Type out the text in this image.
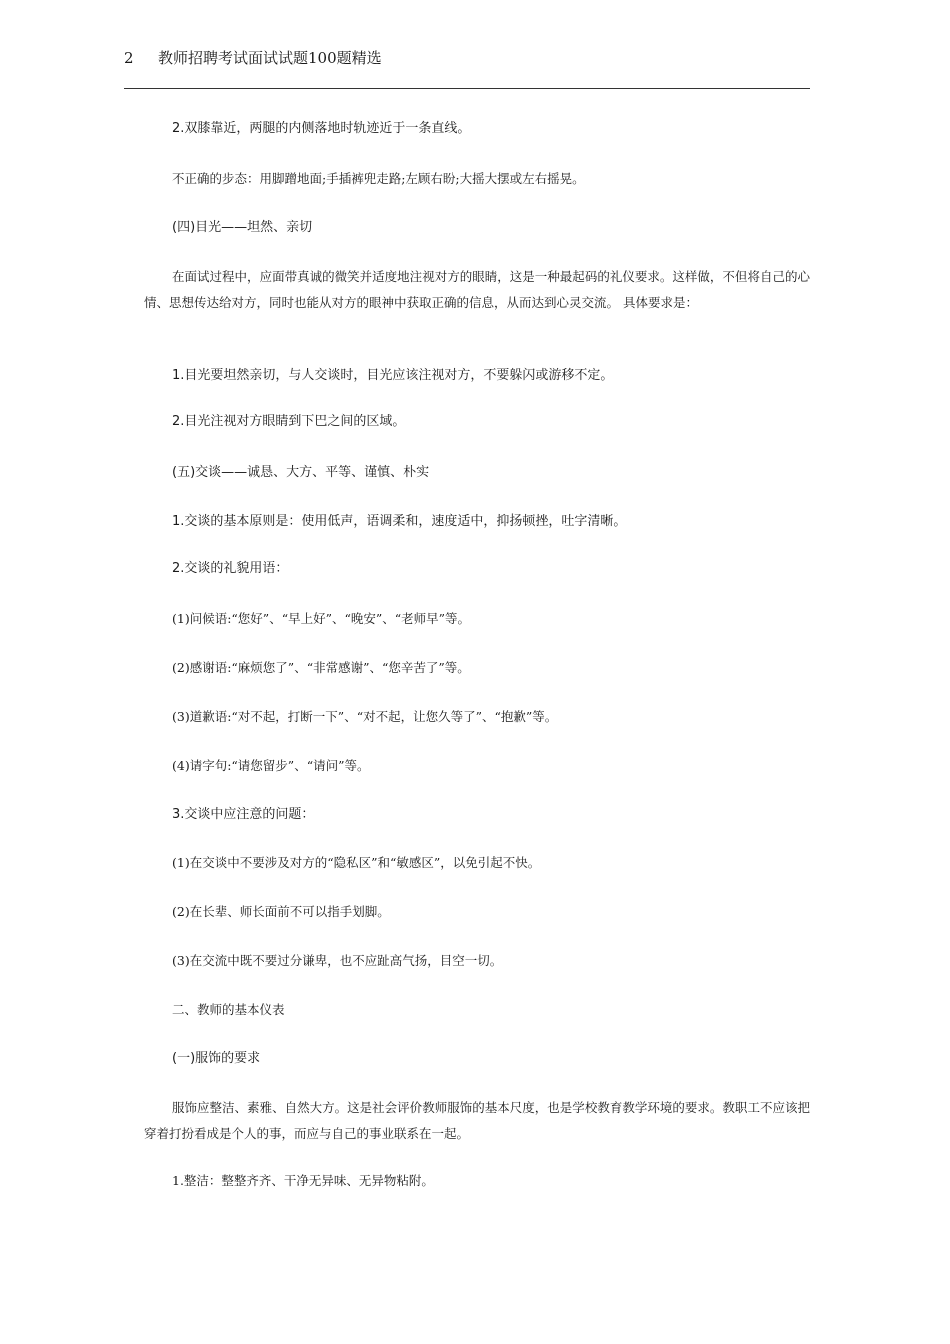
2 教师招聘考试面试试题100题精选
2.双膝靠近，两腿的内侧落地时轨迹近于一条直线。
不正确的步态：用脚蹭地面;手插裤兜走路;左顾右盼;大摇大摆或左右摇晃。
(四)目光——坦然、亲切
在面试过程中，应面带真诚的微笑并适度地注视对方的眼睛，这是一种最起码的礼仪要求。这样做，不但将自己的心情、思想传达给对方，同时也能从对方的眼神中获取正确的信息，从而达到心灵交流。 具体要求是：
1.目光要坦然亲切，与人交谈时，目光应该注视对方，不要躲闪或游移不定。
2.目光注视对方眼睛到下巴之间的区域。
(五)交谈——诚恳、大方、平等、谨慎、朴实
1.交谈的基本原则是：使用低声，语调柔和，速度适中，抑扬顿挫，吐字清晰。
2.交谈的礼貌用语：
(1)问候语:“您好”、“早上好”、“晚安”、“老师早”等。
(2)感谢语:“麻烦您了”、“非常感谢”、“您辛苦了”等。
(3)道歉语:“对不起，打断一下”、“对不起，让您久等了”、“抱歉”等。
(4)请字句:“请您留步”、“请问”等。
3.交谈中应注意的问题：
(1)在交谈中不要涉及对方的“隐私区”和“敏感区”，以免引起不快。
(2)在长辈、师长面前不可以指手划脚。
(3)在交流中既不要过分谦卑，也不应趾高气扬，目空一切。
二、教师的基本仪表
(一)服饰的要求
服饰应整洁、素雅、自然大方。这是社会评价教师服饰的基本尺度，也是学校教育教学环境的要求。教职工不应该把穿着打扮看成是个人的事，而应与自己的事业联系在一起。
1.整洁：整整齐齐、干净无异味、无异物粘附。
